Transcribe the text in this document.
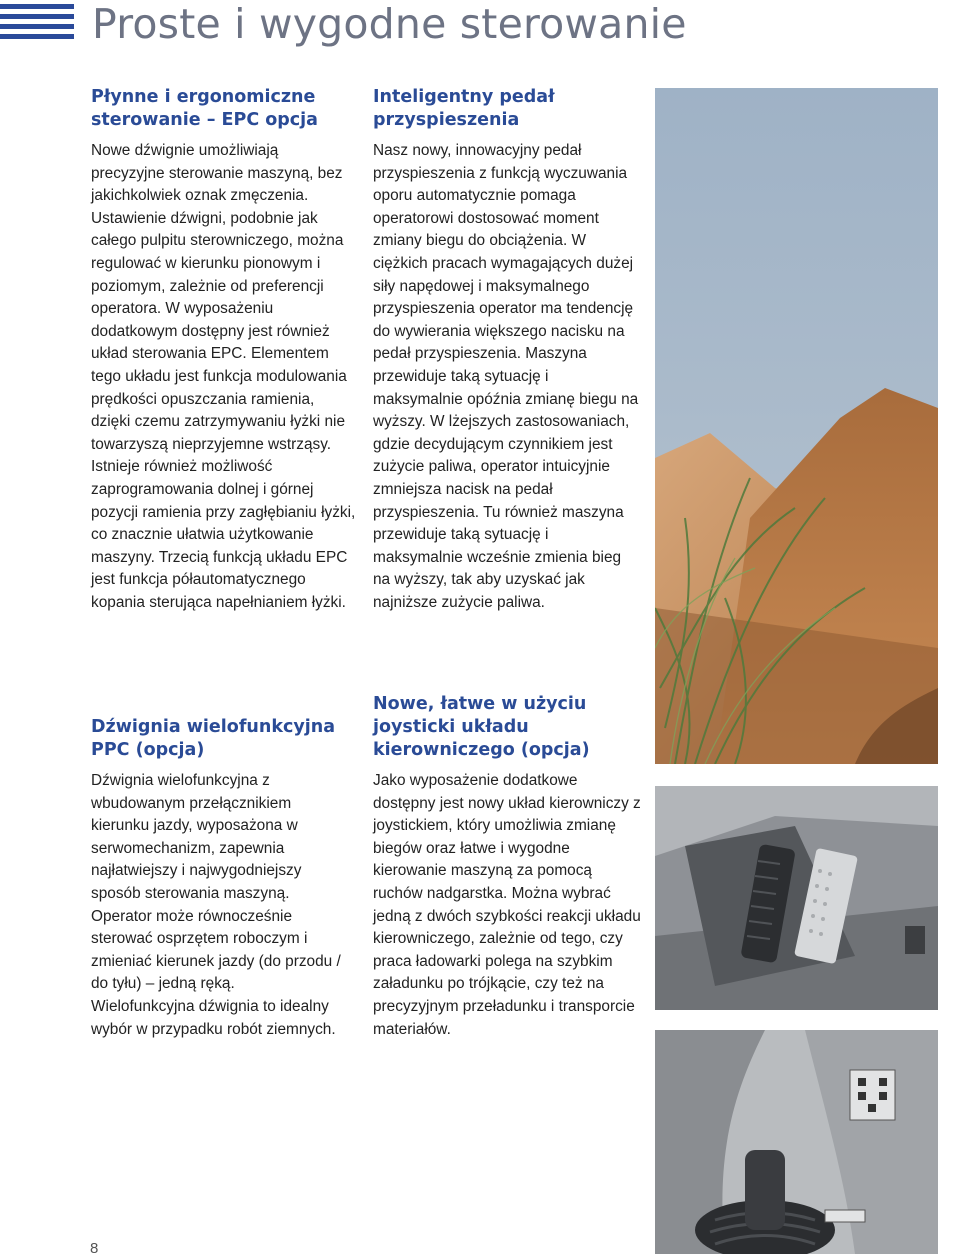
Proste i wygodne sterowanie
Płynne i ergonomiczne sterowanie – EPC opcja

Nowe dźwignie umożliwiają precyzyjne sterowanie maszyną, bez jakichkolwiek oznak zmęczenia. Ustawienie dźwigni, podobnie jak całego pulpitu sterowniczego, można regulować w kierunku pionowym i poziomym, zależnie od preferencji operatora. W wyposażeniu dodatkowym dostępny jest również układ sterowania EPC. Elementem tego układu jest funkcja modulowania prędkości opuszczania ramienia, dzięki czemu zatrzymywaniu łyżki nie towarzyszą nieprzyjemne wstrząsy. Istnieje również możliwość zaprogramowania dolnej i górnej pozycji ramienia przy zagłębianiu łyżki, co znacznie ułatwia użytkowanie maszyny. Trzecią funkcją układu EPC jest funkcja półautomatycznego kopania sterująca napełnianiem łyżki.

Dźwignia wielofunkcyjna PPC (opcja)

Dźwignia wielofunkcyjna z wbudowanym przełącznikiem kierunku jazdy, wyposażona w serwomechanizm, zapewnia najłatwiejszy i najwygodniejszy sposób sterowania maszyną. Operator może równocześnie sterować osprzętem roboczym i zmieniać kierunek jazdy (do przodu / do tyłu) – jedną ręką. Wielofunkcyjna dźwignia to idealny wybór w przypadku robót ziemnych.

Inteligentny pedał przyspieszenia

Nasz nowy, innowacyjny pedał przyspieszenia z funkcją wyczuwania oporu automatycznie pomaga operatorowi dostosować moment zmiany biegu do obciążenia. W ciężkich pracach wymagających dużej siły napędowej i maksymalnego przyspieszenia operator ma tendencję do wywierania większego nacisku na pedał przyspieszenia. Maszyna przewiduje taką sytuację i maksymalnie opóźnia zmianę biegu na wyższy. W lżejszych zastosowaniach, gdzie decydującym czynnikiem jest zużycie paliwa, operator intuicyjnie zmniejsza nacisk na pedał przyspieszenia. Tu również maszyna przewiduje taką sytuację i maksymalnie wcześnie zmienia bieg na wyższy, tak aby uzyskać jak najniższe zużycie paliwa.

Nowe, łatwe w użyciu joysticki układu kierowniczego (opcja)

Jako wyposażenie dodatkowe dostępny jest nowy układ kierowniczy z joystickiem, który umożliwia zmianę biegów oraz łatwe i wygodne kierowanie maszyną za pomocą ruchów nadgarstka. Można wybrać jedną z dwóch szybkości reakcji układu kierowniczego, zależnie od tego, czy praca ładowarki polega na szybkim załadunku po trójkącie, czy też na precyzyjnym przeładunku i transporcie materiałów.

8
